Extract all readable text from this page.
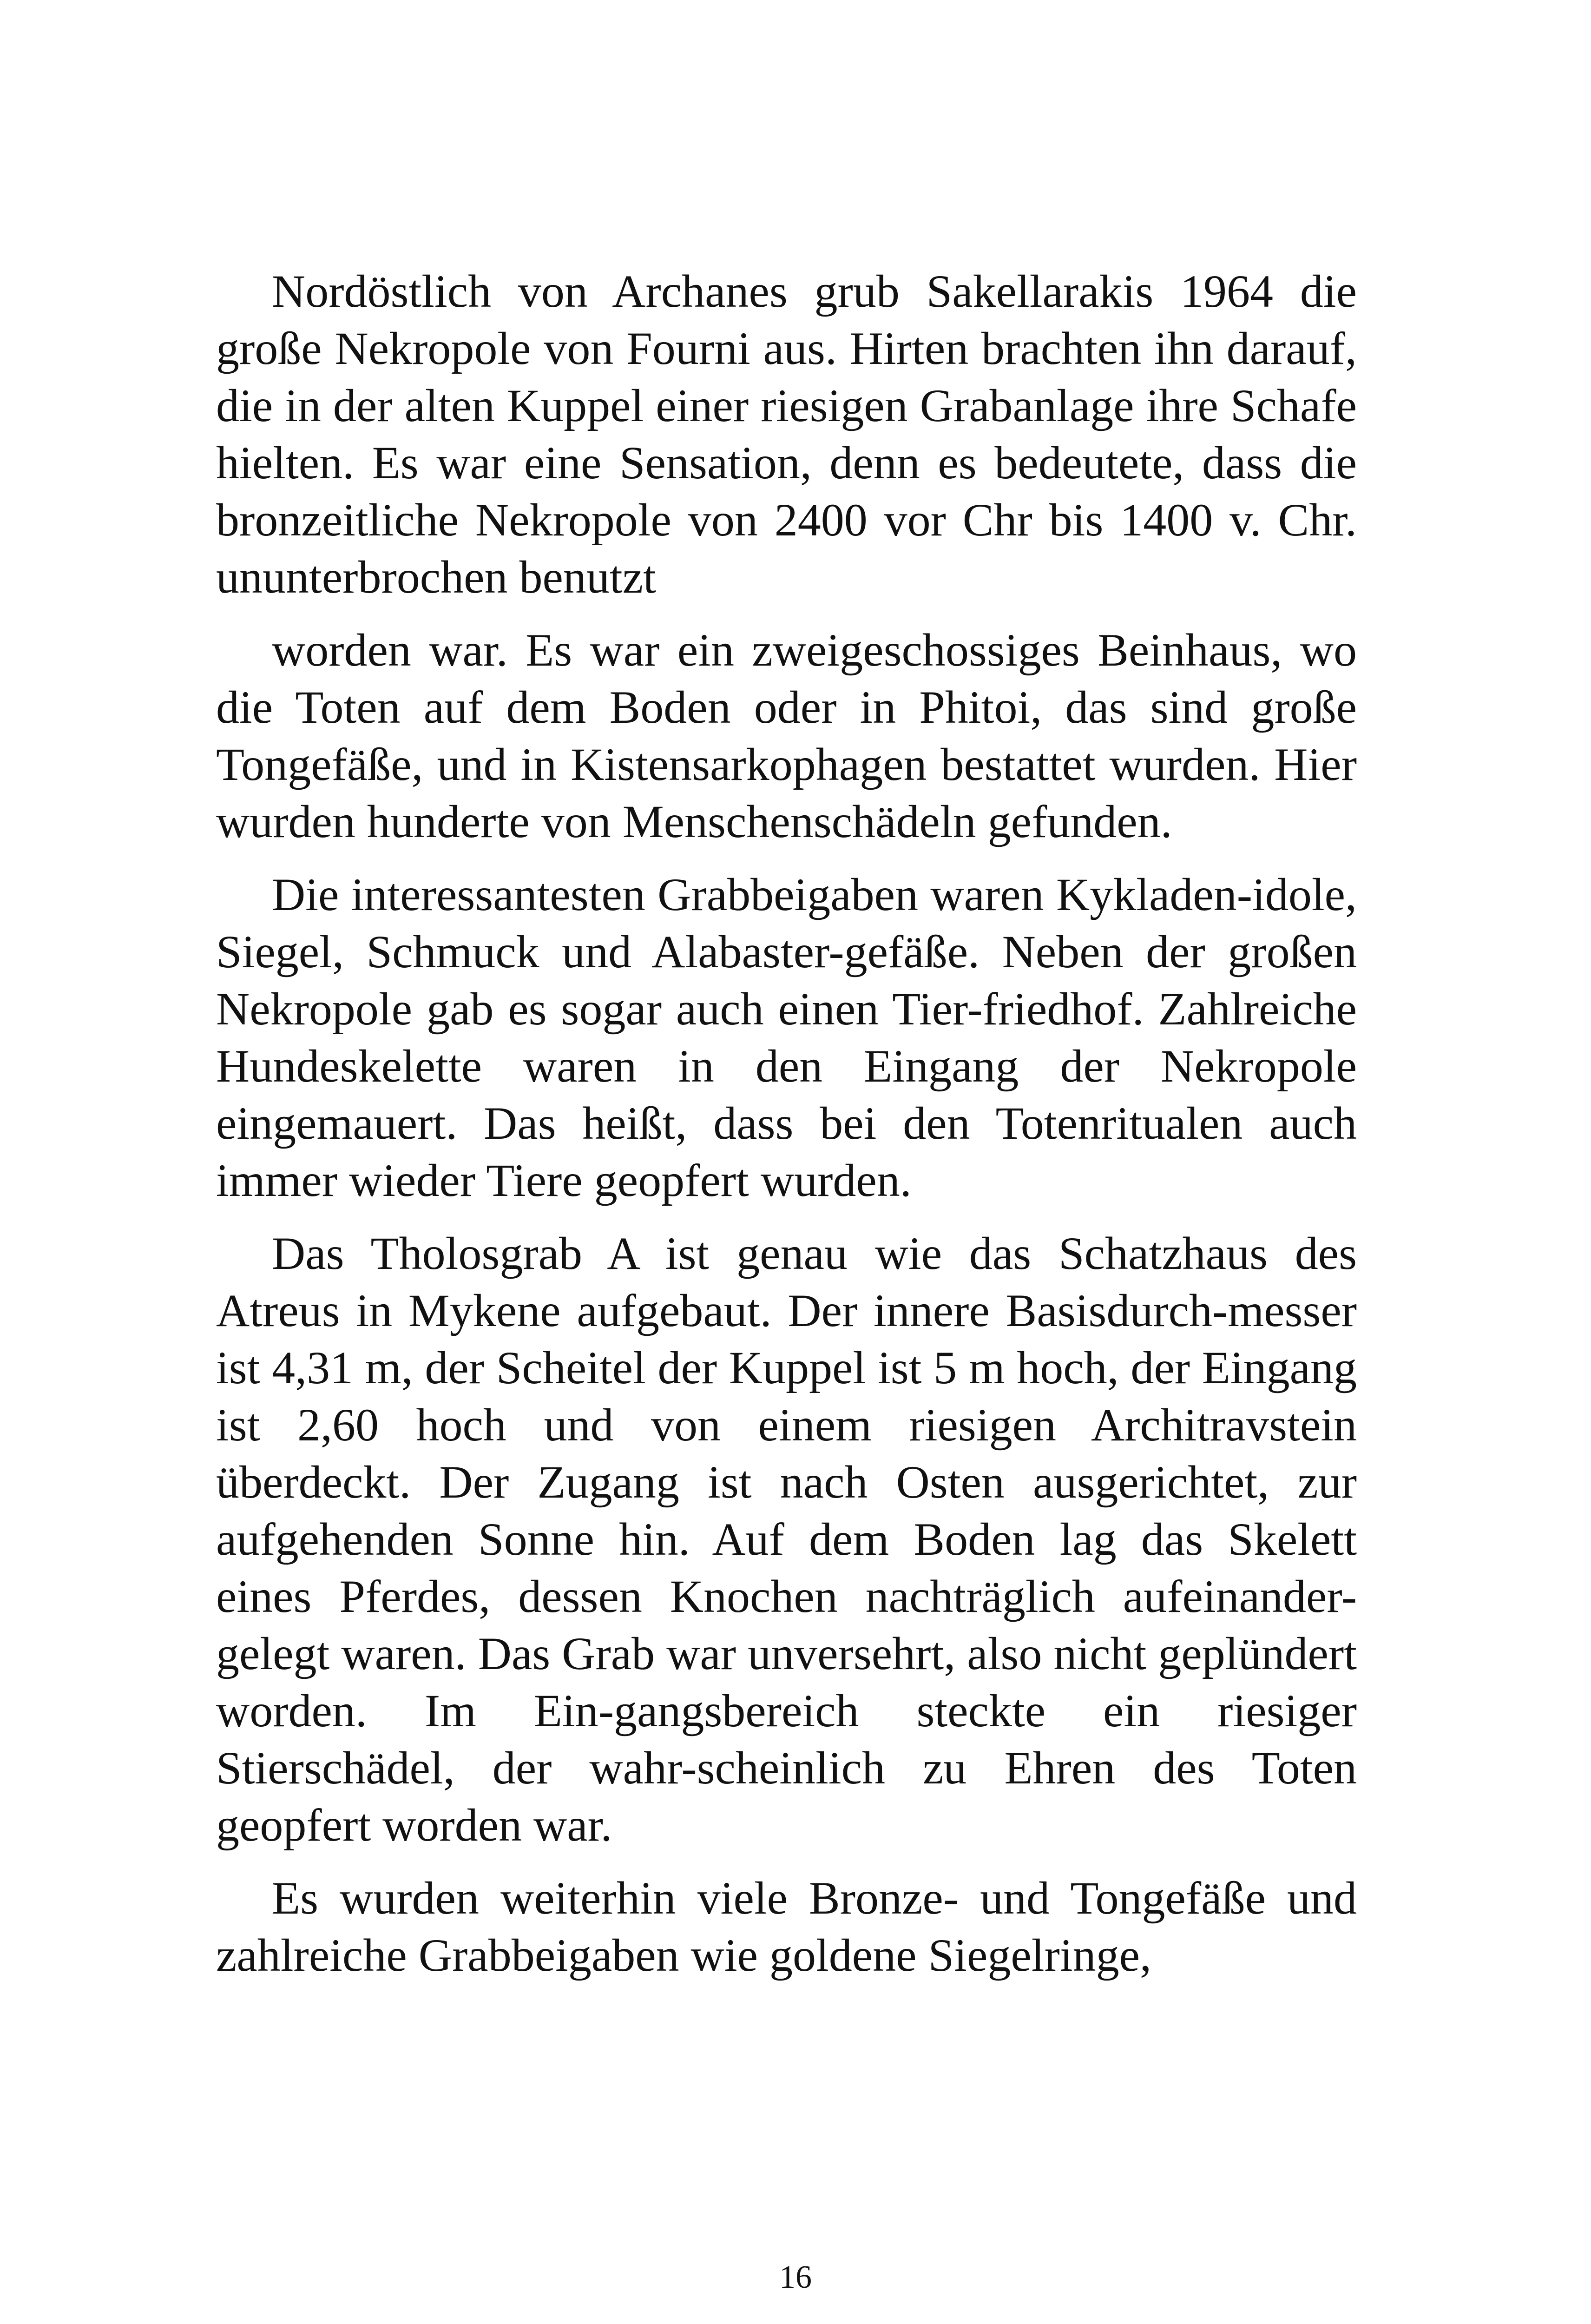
Nordöstlich von Archanes grub Sakellarakis 1964 die große Nekropole von Fourni aus. Hirten brachten ihn darauf, die in der alten Kuppel einer riesigen Grabanlage ihre Schafe hielten. Es war eine Sensation, denn es bedeutete, dass die bronzeitliche Nekropole von 2400 vor Chr bis 1400 v. Chr. ununterbrochen benutzt

worden war. Es war ein zweigeschossiges Beinhaus, wo die Toten auf dem Boden oder in Phitoi, das sind große Tongefäße, und in Kistensarkophagen bestattet wurden. Hier wurden hunderte von Menschenschädeln gefunden.

Die interessantesten Grabbeigaben waren Kykladen-idole, Siegel, Schmuck und Alabaster-gefäße. Neben der großen Nekropole gab es sogar auch einen Tier-friedhof. Zahlreiche Hundeskelette waren in den Eingang der Nekropole eingemauert. Das heißt, dass bei den Totenritualen auch immer wieder Tiere geopfert wurden.

Das Tholosgrab A ist genau wie das Schatzhaus des Atreus in Mykene aufgebaut. Der innere Basisdurch-messer ist 4,31 m, der Scheitel der Kuppel ist 5 m hoch, der Eingang ist 2,60 hoch und von einem riesigen Architravstein überdeckt. Der Zugang ist nach Osten ausgerichtet, zur aufgehenden Sonne hin. Auf dem Boden lag das Skelett eines Pferdes, dessen Knochen nachträglich aufeinander-gelegt waren. Das Grab war unversehrt, also nicht geplündert worden. Im Ein-gangsbereich steckte ein riesiger Stierschädel, der wahr-scheinlich zu Ehren des Toten geopfert worden war.

Es wurden weiterhin viele Bronze- und Tongefäße und zahlreiche Grabbeigaben wie goldene Siegelringe,

16
